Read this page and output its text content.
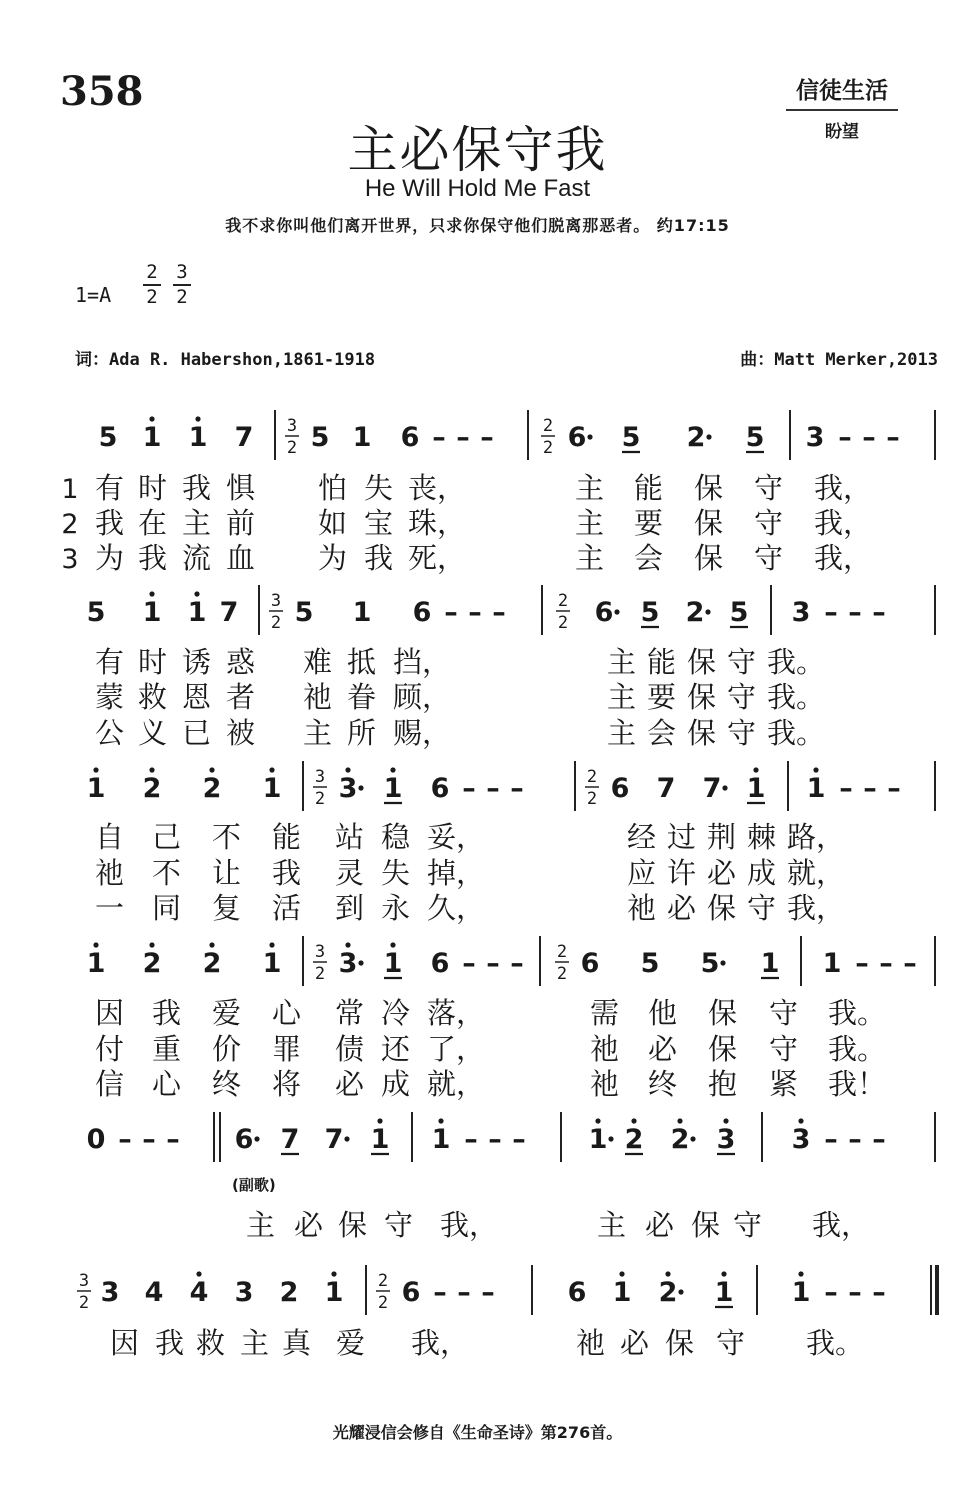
358	信徒生活
盼望
主必保守我
He Will Hold Me Fast
我不求你叫他们离开世界，只求你保守他们脱离那恶者。 约17:15
1=A
2
2
3
2
词：Ada R. Habershon,1861-1918	曲：Matt Merker,2013
(副歌)
5 1 1 7 3
2 5 1 6 – – –	2
2 6 5 2 5 3 – – –
1 有 时 我 惧 怕 失 丧，	主 能 保 守 我，
2 我 在 主 前 如 宝 珠，	主 要 保 守 我，
3 为 我 流 血 为 我 死，	主 会 保 守 我，
5 1 1 7 3
2 5 1 6 – – –	2
2 6 5 2 5 3 – – –
有 时 诱 惑 难 抵 挡，	主 能 保 守 我。
蒙 救 恩 者 祂 眷 顾，	主 要 保 守 我。
公 义 已 被 主 所 赐，	主 会 保 守 我。
1 2 2 1 3
2 3 1 6 – – –	2
2 6 7 7 1 1 – – –
自 己 不 能 站 稳 妥，	经 过 荆 棘 路，
祂 不 让 我 灵 失 掉，	应 许 必 成 就，
一 同 复 活 到 永 久，	祂 必 保 守 我，
1 2 2 1 3
2 3 1 6 – – – 2
2 6 5 5 1 1 – – –
因 我 爱 心 常 冷 落，	需 他 保 守 我。
付 重 价 罪 债 还 了，	祂 必 保 守 我。
信 心 终 将 必 成 就，	祂 终 抱 紧 我！
0 – – – 6 7 7 1 1 – – – 1 2 2 3 3 – – –
主 必 保 守 我，	主 必 保 守 我，
3
2 3 4 4 3 2 1 2
2 6 – – –	6 1 2 1 1 – – –
因 我 救 主 真 爱 我，	祂 必 保 守 我。
光耀浸信会修自《生命圣诗》第276首。
